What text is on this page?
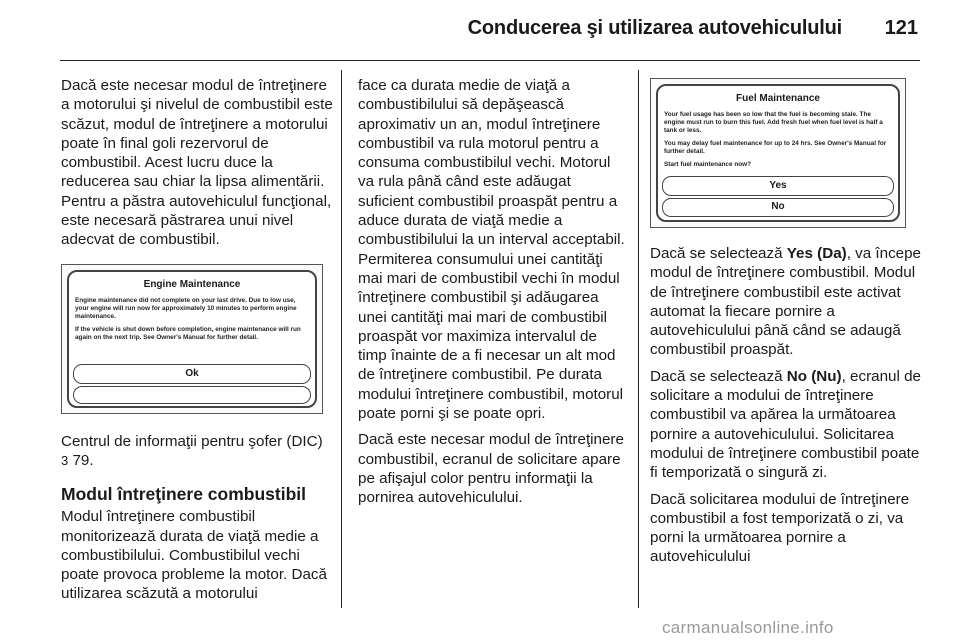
Conducerea şi utilizarea autovehiculului 121

Dacă este necesar modul de întreţinere a motorului şi nivelul de combustibil este scăzut, modul de întreţinere a motorului poate în final goli rezervorul de combustibil. Acest lucru duce la reducerea sau chiar la lipsa alimentării. Pentru a păstra autovehiculul funcţional, este necesară păstrarea unui nivel adecvat de combustibil.

Engine Maintenance

Engine maintenance did not complete on your last drive. Due to low use, your engine will run now for approximately 10 minutes to perform engine maintenance.

If the vehicle is shut down before completion, engine maintenance will run again on the next trip. See Owner's Manual for further detail.

Ok

Centrul de informaţii pentru şofer (DIC) 3 79.

Modul întreţinere combustibil

Modul întreţinere combustibil monitorizează durata de viaţă medie a combustibilului. Combustibilul vechi poate provoca probleme la motor. Dacă utilizarea scăzută a motorului

face ca durata medie de viaţă a combustibilului să depăşească aproximativ un an, modul întreţinere combustibil va rula motorul pentru a consuma combustibilul vechi. Motorul va rula până când este adăugat suficient combustibil proaspăt pentru a aduce durata de viaţă medie a combustibilului la un interval acceptabil. Permiterea consumului unei cantităţi mai mari de combustibil vechi în modul întreţinere combustibil şi adăugarea unei cantităţi mai mari de combustibil proaspăt vor maximiza intervalul de timp înainte de a fi necesar un alt mod de întreţinere combustibil. Pe durata modului întreţinere combustibil, motorul poate porni şi se poate opri.

Dacă este necesar modul de întreţinere combustibil, ecranul de solicitare apare pe afişajul color pentru informaţii la pornirea autovehiculului.

Fuel Maintenance

Your fuel usage has been so low that the fuel is becoming stale. The engine must run to burn this fuel. Add fresh fuel when fuel level is half a tank or less.

You may delay fuel maintenance for up to 24 hrs. See Owner's Manual for further detail.

Start fuel maintenance now?

Yes
No

Dacă se selectează Yes (Da), va începe modul de întreţinere combustibil. Modul de întreţinere combustibil este activat automat la fiecare pornire a autovehiculului până când se adaugă combustibil proaspăt.

Dacă se selectează No (Nu), ecranul de solicitare a modului de întreţinere combustibil va apărea la următoarea pornire a autovehiculului. Solicitarea modului de întreţinere combustibil poate fi temporizată o singură zi.

Dacă solicitarea modului de întreţinere combustibil a fost temporizată o zi, va porni la următoarea pornire a autovehiculului

carmanualsonline.info
